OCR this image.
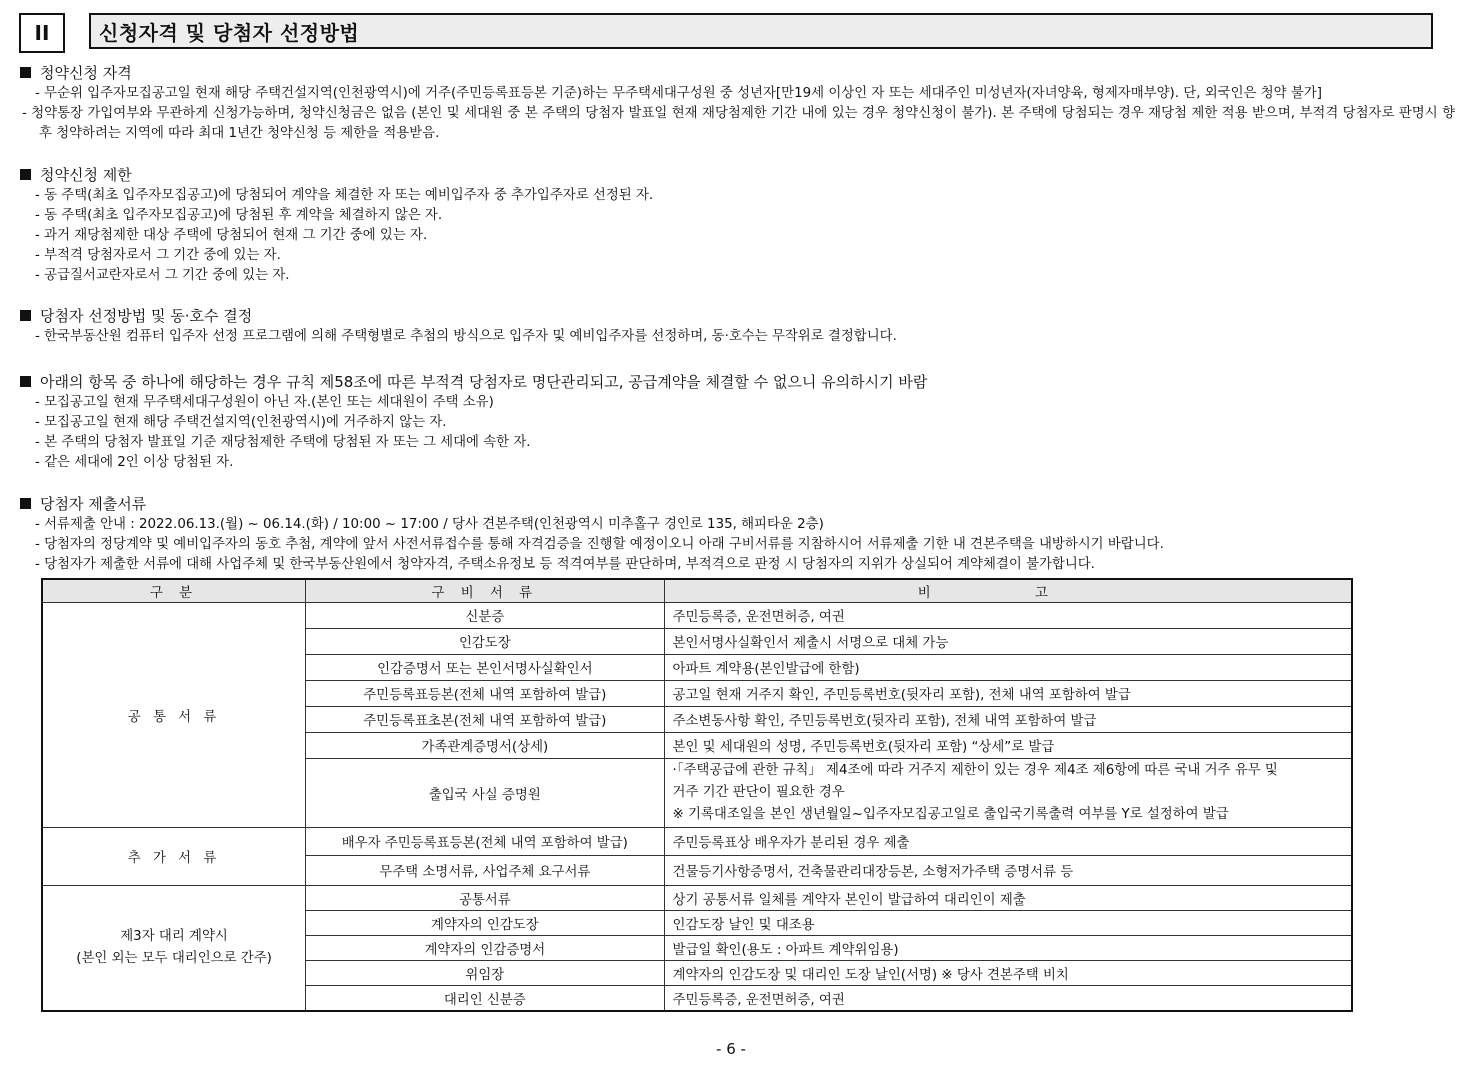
II	신청자격 및 당첨자 선정방법
청약신청 자격

- 무순위 입주자모집공고일 현재 해당 주택건설지역(인천광역시)에 거주(주민등록표등본 기준)하는 무주택세대구성원 중 성년자[만19세 이상인 자 또는 세대주인 미성년자(자녀양육, 형제자매부양). 단, 외국인은 청약 불가]

- 청약통장 가입여부와 무관하게 신청가능하며, 청약신청금은 없음 (본인 및 세대원 중 본 주택의 당첨자 발표일 현재 재당첨제한 기간 내에 있는 경우 청약신청이 불가). 본 주택에 당첨되는 경우 재당첨 제한 적용 받으며, 부적격 당첨자로 판명시 향후 청약하려는 지역에 따라 최대 1년간 청약신청 등 제한을 적용받음.

청약신청 제한

- 동 주택(최초 입주자모집공고)에 당첨되어 계약을 체결한 자 또는 예비입주자 중 추가입주자로 선정된 자.

- 동 주택(최초 입주자모집공고)에 당첨된 후 계약을 체결하지 않은 자.

- 과거 재당첨제한 대상 주택에 당첨되어 현재 그 기간 중에 있는 자.

- 부적격 당첨자로서 그 기간 중에 있는 자.

- 공급질서교란자로서 그 기간 중에 있는 자.

당첨자 선정방법 및 동·호수 결정

- 한국부동산원 컴퓨터 입주자 선정 프로그램에 의해 주택형별로 추첨의 방식으로 입주자 및 예비입주자를 선정하며, 동·호수는 무작위로 결정합니다.

아래의 항목 중 하나에 해당하는 경우 규칙 제58조에 따른 부적격 당첨자로 명단관리되고, 공급계약을 체결할 수 없으니 유의하시기 바람

- 모집공고일 현재 무주택세대구성원이 아닌 자.(본인 또는 세대원이 주택 소유)

- 모집공고일 현재 해당 주택건설지역(인천광역시)에 거주하지 않는 자.

- 본 주택의 당첨자 발표일 기준 재당첨제한 주택에 당첨된 자 또는 그 세대에 속한 자.

- 같은 세대에 2인 이상 당첨된 자.

당첨자 제출서류

- 서류제출 안내 : 2022.06.13.(월) ~ 06.14.(화) / 10:00 ~ 17:00 / 당사 견본주택(인천광역시 미추홀구 경인로 135, 해피타운 2층)

- 당첨자의 정당계약 및 예비입주자의 동호 추첨, 계약에 앞서 사전서류접수를 통해 자격검증을 진행할 예정이오니 아래 구비서류를 지참하시어 서류제출 기한 내 견본주택을 내방하시기 바랍니다.

- 당첨자가 제출한 서류에 대해 사업주체 및 한국부동산원에서 청약자격, 주택소유정보 등 적격여부를 판단하며, 부적격으로 판정 시 당첨자의 지위가 상실되어 계약체결이 불가합니다.

구 분	구 비 서 류	비 고
공 통 서 류	신분증	주민등록증, 운전면허증, 여권
	인감도장	본인서명사실확인서 제출시 서명으로 대체 가능
	인감증명서 또는 본인서명사실확인서	아파트 계약용(본인발급에 한함)
	주민등록표등본(전체 내역 포함하여 발급)	공고일 현재 거주지 확인, 주민등록번호(뒷자리 포함), 전체 내역 포함하여 발급
	주민등록표초본(전체 내역 포함하여 발급)	주소변동사항 확인, 주민등록번호(뒷자리 포함), 전체 내역 포함하여 발급
	가족관계증명서(상세)	본인 및 세대원의 성명, 주민등록번호(뒷자리 포함) “상세”로 발급
	출입국 사실 증명원	·「주택공급에 관한 규칙」 제4조에 따라 거주지 제한이 있는 경우 제4조 제6항에 따른 국내 거주 유무 및
거주 기간 판단이 필요한 경우
※ 기록대조일을 본인 생년월일~입주자모집공고일로 출입국기록출력 여부를 Y로 설정하여 발급

추 가 서 류	배우자 주민등록표등본(전체 내역 포함하여 발급)	주민등록표상 배우자가 분리된 경우 제출
	무주택 소명서류, 사업주체 요구서류	건물등기사항증명서, 건축물관리대장등본, 소형저가주택 증명서류 등

제3자 대리 계약시
(본인 외는 모두 대리인으로 간주)	공통서류	상기 공통서류 일체를 계약자 본인이 발급하여 대리인이 제출
	계약자의 인감도장	인감도장 날인 및 대조용
	계약자의 인감증명서	발급일 확인(용도 : 아파트 계약위임용)
	위임장	계약자의 인감도장 및 대리인 도장 날인(서명) ※ 당사 견본주택 비치
	대리인 신분증	주민등록증, 운전면허증, 여권
- 6 -
